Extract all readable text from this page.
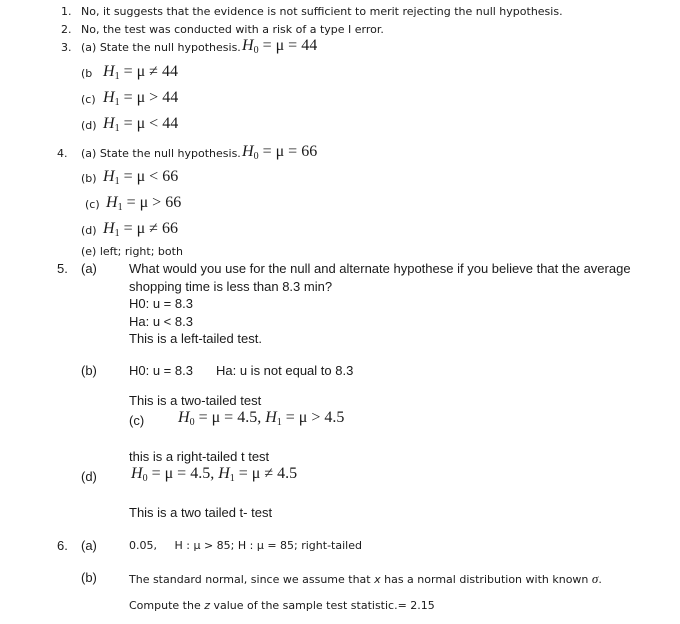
1. No, it suggests that the evidence is not sufficient to merit rejecting the null hypothesis.
2. No, the test was conducted with a risk of a type I error.
3. (a) State the null hypothesis. $H_0 = \mu = 44$
(b $H_1 = \mu \ne 44$
(c) $H_1 = \mu > 44$
(d) $H_1 = \mu < 44$
4. (a) State the null hypothesis. $H_0 = \mu = 66$
(b) $H_1 = \mu < 66$
(c) $H_1 = \mu > 66$
(d) $H_1 = \mu \ne 66$
(e) left; right; both
5. (a) What would you use for the null and alternate hypothese if you believe that the average
shopping time is less than 8.3 min?
H0: u = 8.3
Ha: u < 8.3
This is a left-tailed test.
(b) H0: u = 8.3 Ha: u is not equal to 8.3
This is a two-tailed test
(c) $H_0 = \mu = 4.5$, $H_1 = \mu > 4.5$
this is a right-tailed t test
(d) $H_0 = \mu = 4.5$, $H_1 = \mu \ne 4.5$
This is a two tailed t- test
6. (a)	0.05,     H : μ > 85; H : μ = 85; right-tailed
(b)	The standard normal, since we assume that x has a normal distribution with known σ.
Compute the z value of the sample test statistic.= 2.15
